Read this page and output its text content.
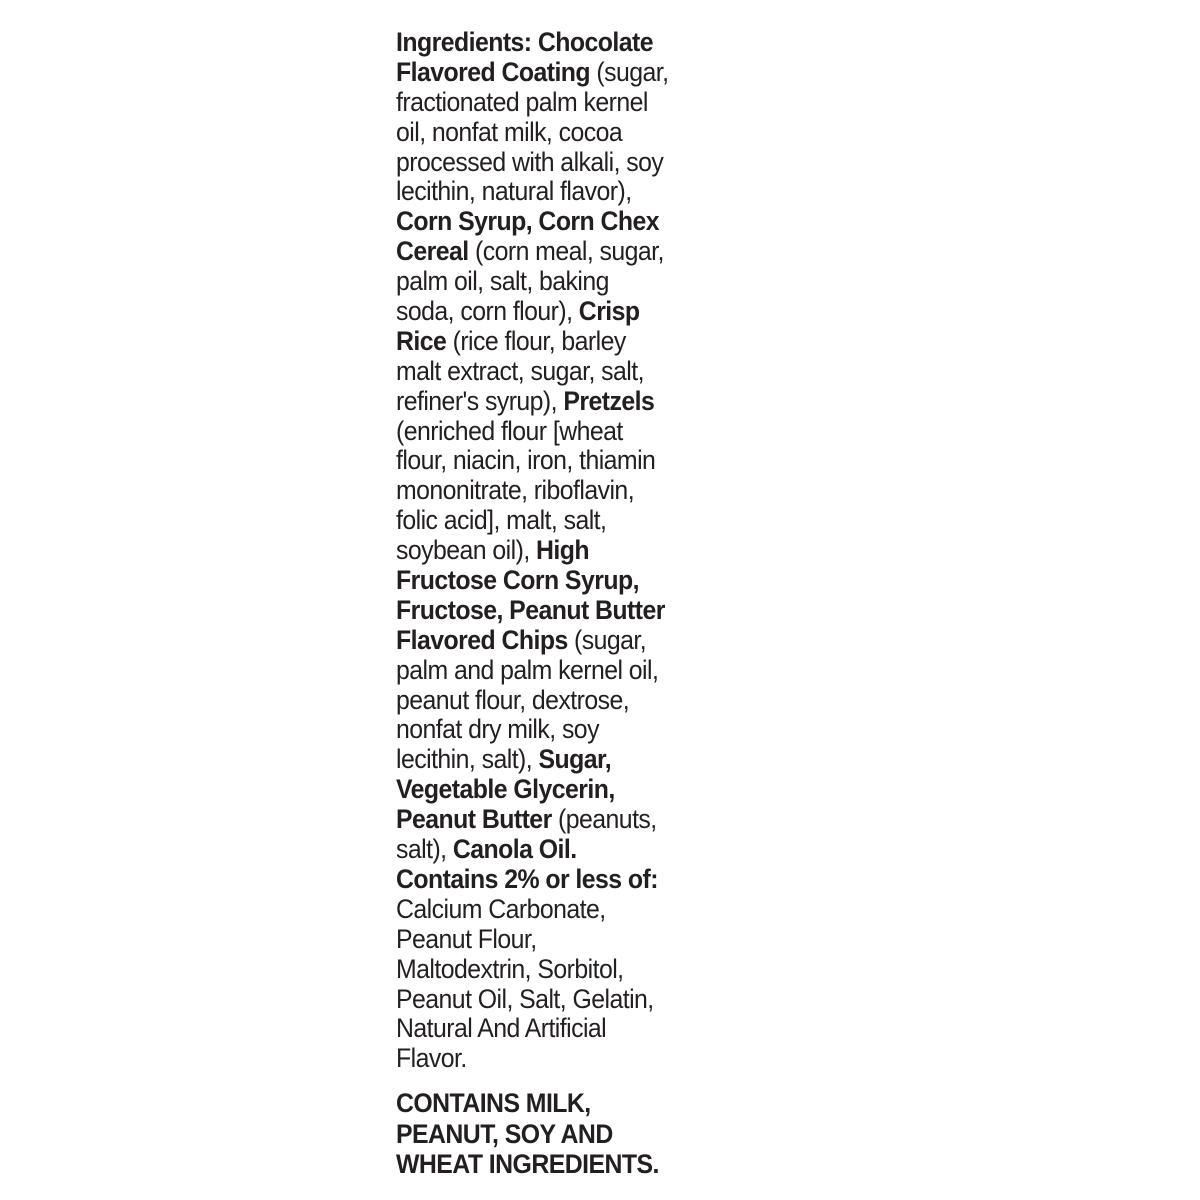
Ingredients: Chocolate
Flavored Coating (sugar,
fractionated palm kernel
oil, nonfat milk, cocoa
processed with alkali, soy
lecithin, natural flavor),
Corn Syrup, Corn Chex
Cereal (corn meal, sugar,
palm oil, salt, baking
soda, corn flour), Crisp
Rice (rice flour, barley
malt extract, sugar, salt,
refiner's syrup), Pretzels
(enriched flour [wheat
flour, niacin, iron, thiamin
mononitrate, riboflavin,
folic acid], malt, salt,
soybean oil), High
Fructose Corn Syrup,
Fructose, Peanut Butter
Flavored Chips (sugar,
palm and palm kernel oil,
peanut flour, dextrose,
nonfat dry milk, soy
lecithin, salt), Sugar,
Vegetable Glycerin,
Peanut Butter (peanuts,
salt), Canola Oil.
Contains 2% or less of:
Calcium Carbonate,
Peanut Flour,
Maltodextrin, Sorbitol,
Peanut Oil, Salt, Gelatin,
Natural And Artificial
Flavor.
CONTAINS MILK,
PEANUT, SOY AND
WHEAT INGREDIENTS.
